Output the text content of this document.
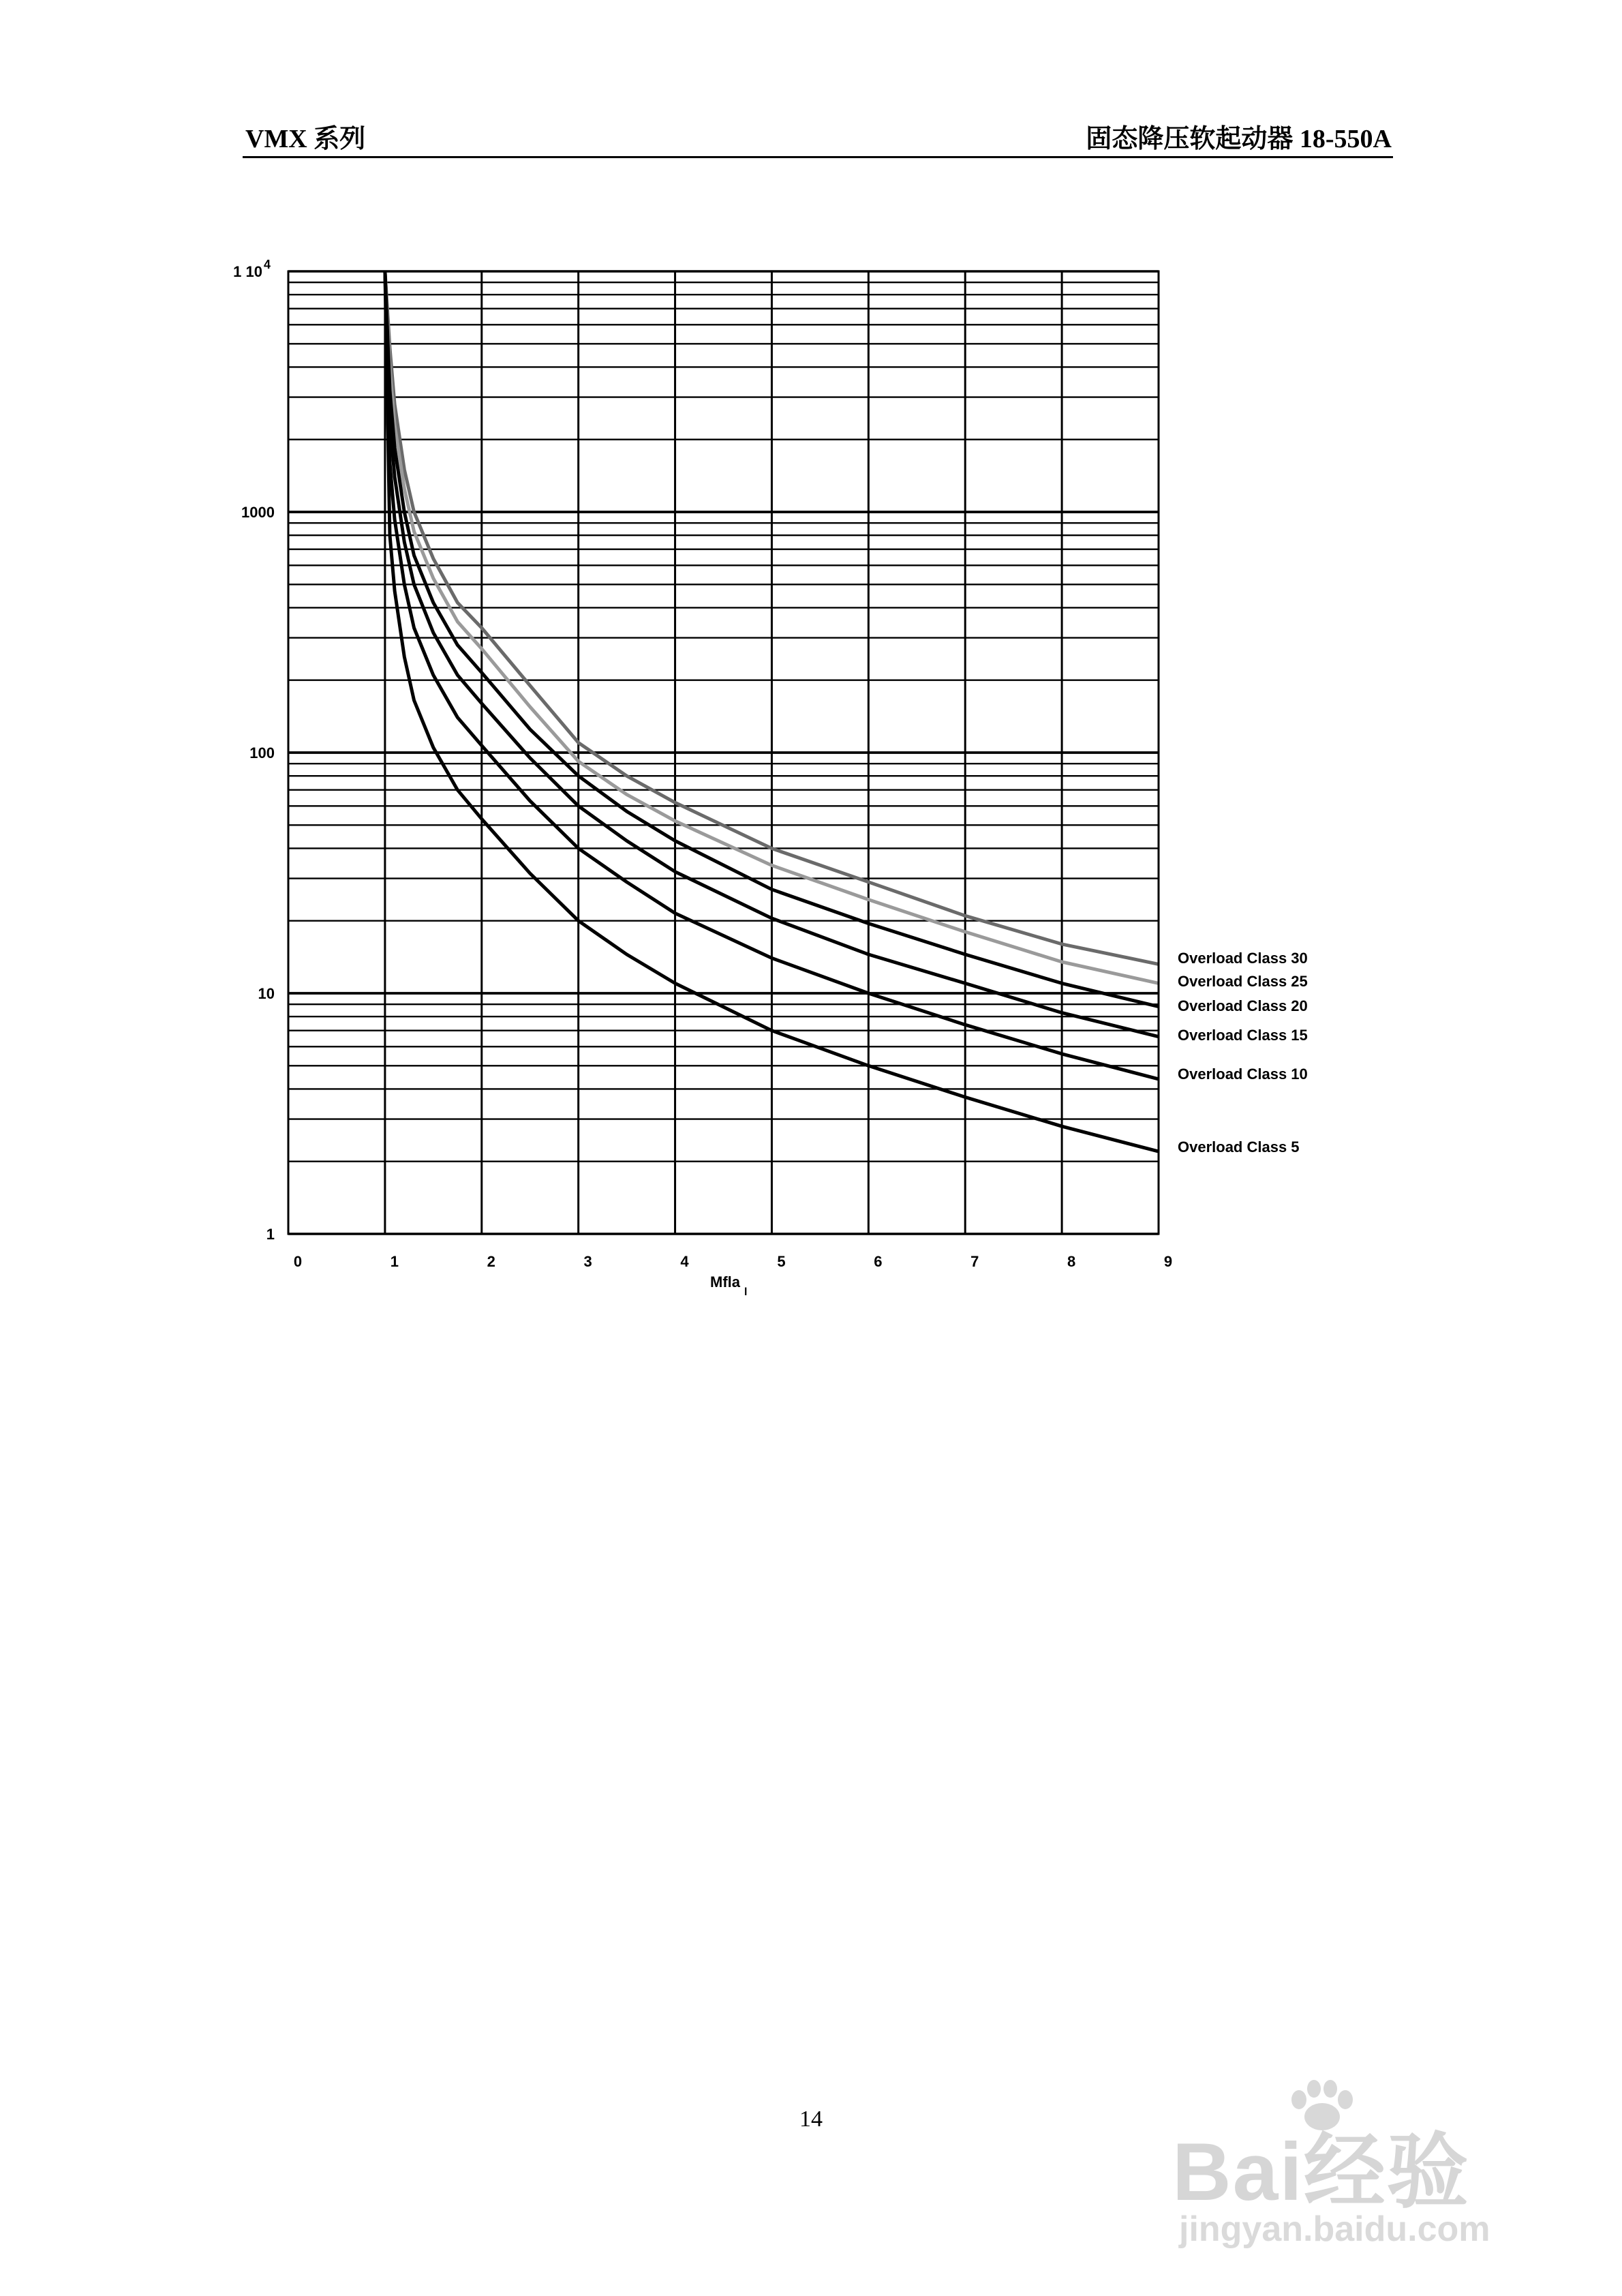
VMX 系列	固态降压软起动器 18-550A
0	1	2	3	4	5	6	7	8	9
1
10
100
1000
1 10 4
Overload Class 30
Overload Class 25
Overload Class 20
Overload Class 15
Overload Class 10
Overload Class 5
Mfla
l
14
Bai经验
jingyan.baidu.com
